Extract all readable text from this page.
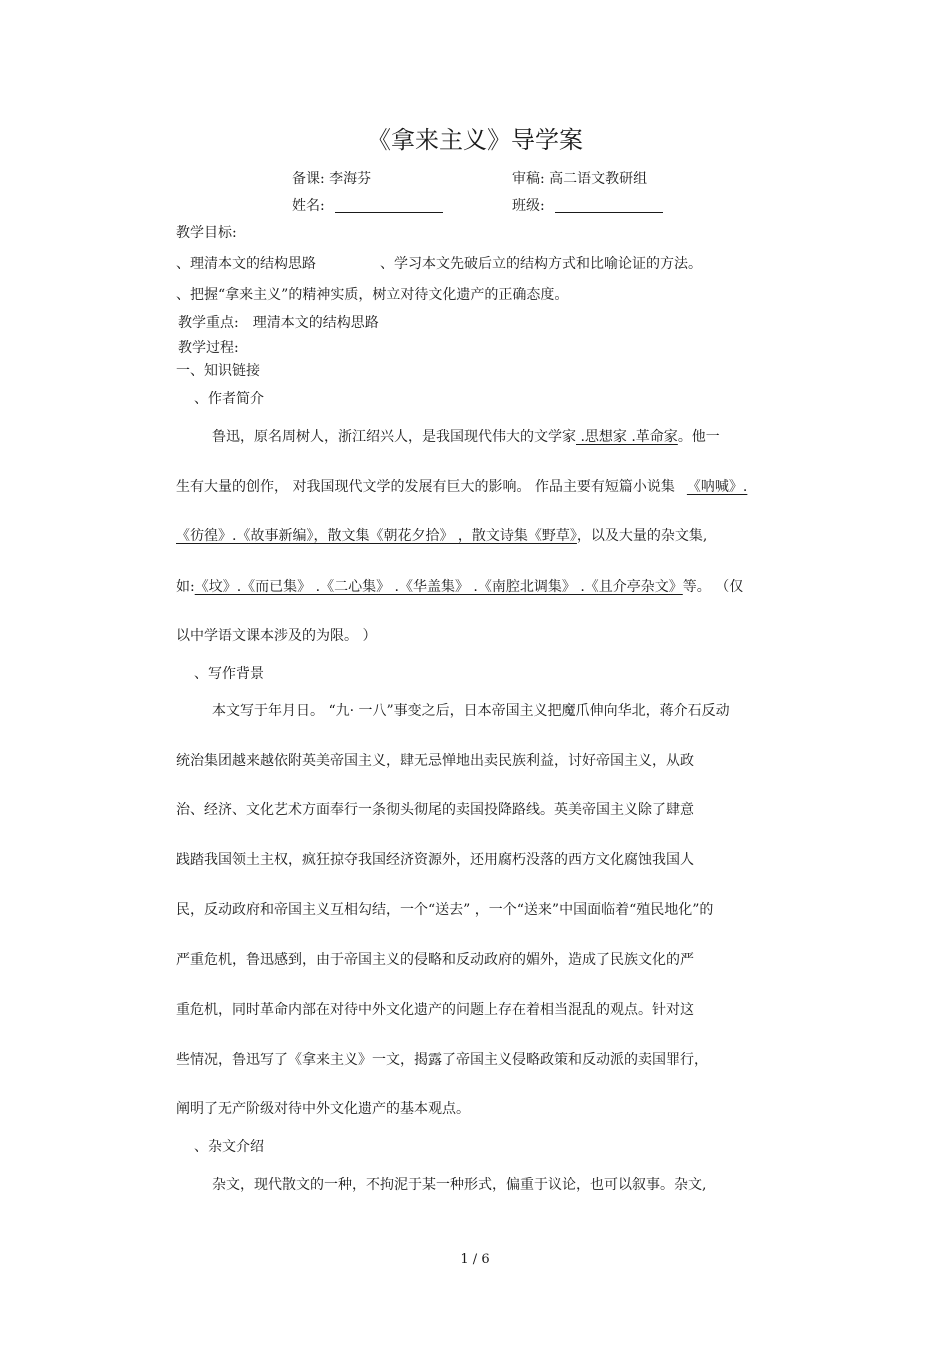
《拿来主义》导学案
备课: 李海芬	审稿: 高二语文教研组
姓名:	班级:
教学目标:
、理清本文的结构思路	、学习本文先破后立的结构方式和比喻论证的方法。
、把握“拿来主义”的精神实质，树立对待文化遗产的正确态度。
教学重点: 理清本文的结构思路
教学过程:
一、知识链接
、作者简介
鲁迅，原名周树人，浙江绍兴人，是我国现代伟大的文学家 .思想家 .革命家。他一
生有大量的创作， 对我国现代文学的发展有巨大的影响。 作品主要有短篇小说集 《呐喊》.
《彷徨》.《故事新编》，散文集《朝花夕拾》 ，散文诗集《野草》，以及大量的杂文集,
如:《坟》.《而已集》 .《二心集》 .《华盖集》 .《南腔北调集》 .《且介亭杂文》等。 （仅
以中学语文课本涉及的为限。 ）
、写作背景
本文写于年月日。 “九· 一八”事变之后，日本帝国主义把魔爪伸向华北，蒋介石反动
统治集团越来越依附英美帝国主义，肆无忌惮地出卖民族利益，讨好帝国主义，从政
治、经济、文化艺术方面奉行一条彻头彻尾的卖国投降路线。英美帝国主义除了肆意
践踏我国领土主权，疯狂掠夺我国经济资源外，还用腐朽没落的西方文化腐蚀我国人
民，反动政府和帝国主义互相勾结，一个“送去” ，一个“送来”中国面临着“殖民地化”的
严重危机，鲁迅感到，由于帝国主义的侵略和反动政府的媚外，造成了民族文化的严
重危机，同时革命内部在对待中外文化遗产的问题上存在着相当混乱的观点。针对这
些情况，鲁迅写了《拿来主义》一文，揭露了帝国主义侵略政策和反动派的卖国罪行，
阐明了无产阶级对待中外文化遗产的基本观点。
、杂文介绍
杂文，现代散文的一种，不拘泥于某一种形式，偏重于议论，也可以叙事。杂文,
1 / 6
